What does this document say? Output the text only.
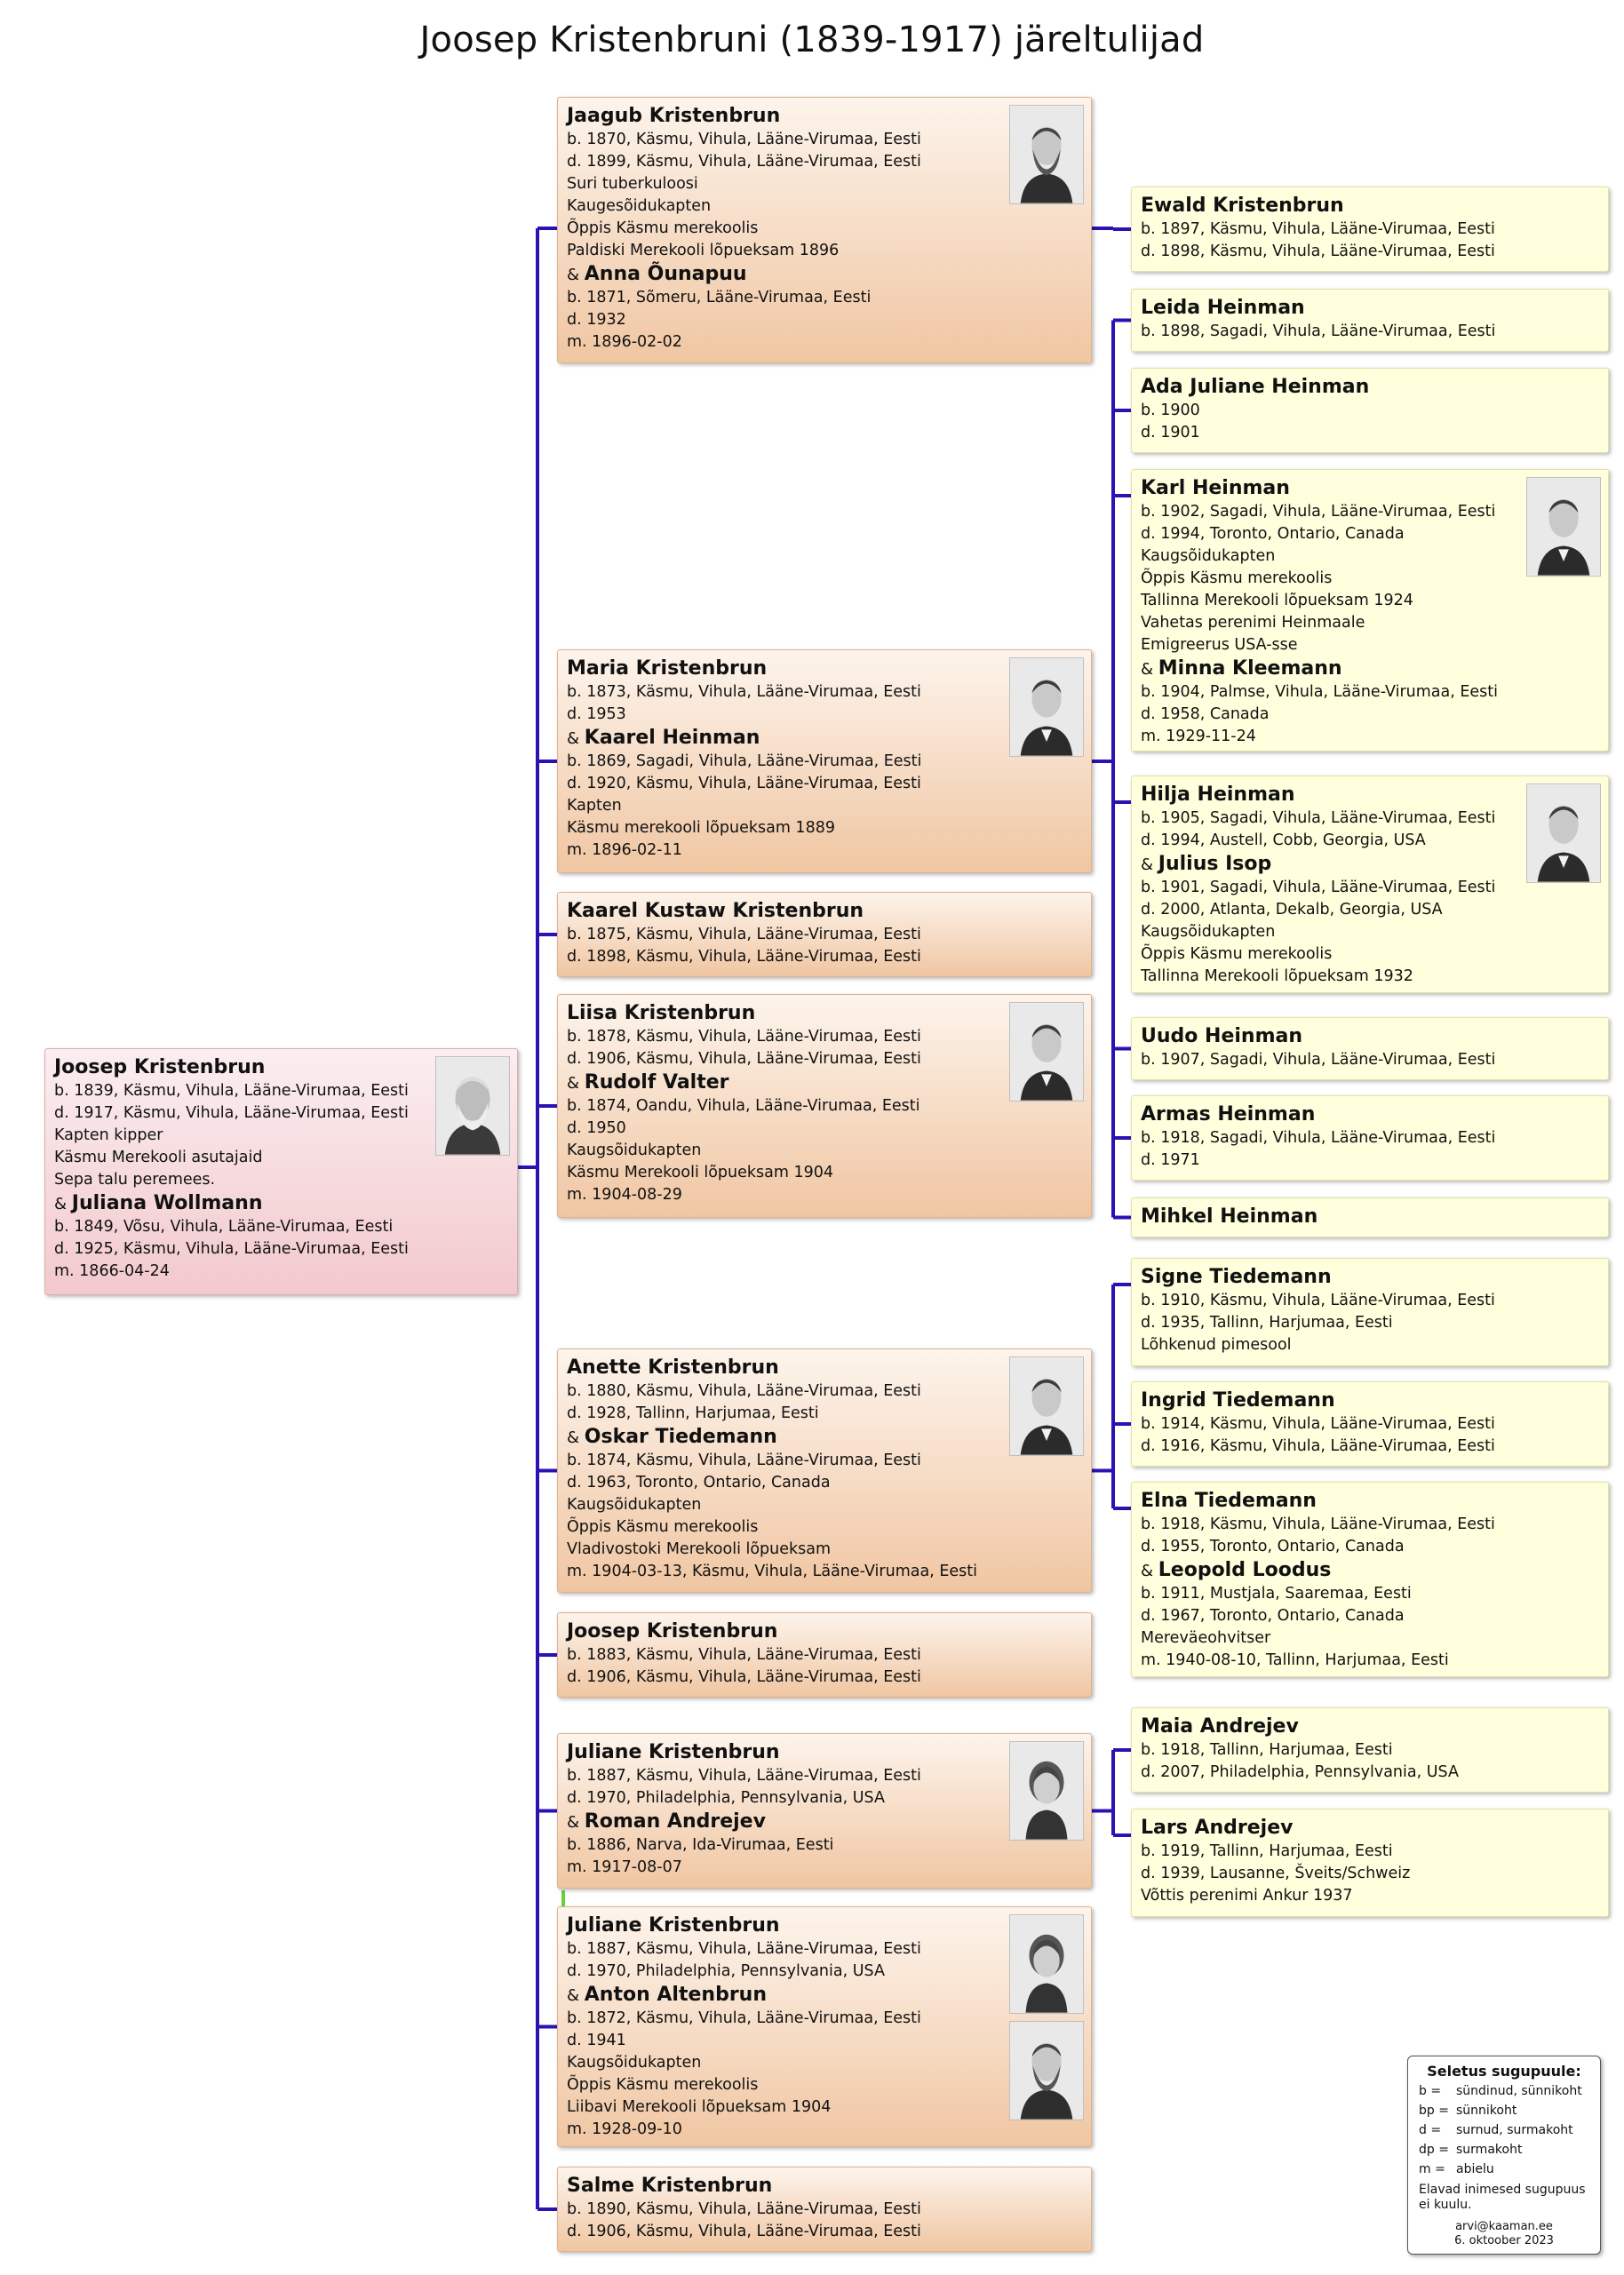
Joosep Kristenbruni (1839-1917) järeltulijad
Joosep Kristenbrun
b. 1839, Käsmu, Vihula, Lääne-Virumaa, Eesti
d. 1917, Käsmu, Vihula, Lääne-Virumaa, Eesti
Kapten kipper
Käsmu Merekooli asutajaid
Sepa talu peremees.
& Juliana Wollmann
b. 1849, Võsu, Vihula, Lääne-Virumaa, Eesti
d. 1925, Käsmu, Vihula, Lääne-Virumaa, Eesti
m. 1866-04-24
Jaagub Kristenbrun
b. 1870, Käsmu, Vihula, Lääne-Virumaa, Eesti
d. 1899, Käsmu, Vihula, Lääne-Virumaa, Eesti
Suri tuberkuloosi
Kaugesõidukapten
Õppis Käsmu merekoolis
Paldiski Merekooli lõpueksam 1896
& Anna Õunapuu
b. 1871, Sõmeru, Lääne-Virumaa, Eesti
d. 1932
m. 1896-02-02
Maria Kristenbrun
b. 1873, Käsmu, Vihula, Lääne-Virumaa, Eesti
d. 1953
& Kaarel Heinman
b. 1869, Sagadi, Vihula, Lääne-Virumaa, Eesti
d. 1920, Käsmu, Vihula, Lääne-Virumaa, Eesti
Kapten
Käsmu merekooli lõpueksam 1889
m. 1896-02-11
Kaarel Kustaw Kristenbrun
b. 1875, Käsmu, Vihula, Lääne-Virumaa, Eesti
d. 1898, Käsmu, Vihula, Lääne-Virumaa, Eesti
Liisa Kristenbrun
b. 1878, Käsmu, Vihula, Lääne-Virumaa, Eesti
d. 1906, Käsmu, Vihula, Lääne-Virumaa, Eesti
& Rudolf Valter
b. 1874, Oandu, Vihula, Lääne-Virumaa, Eesti
d. 1950
Kaugsõidukapten
Käsmu Merekooli lõpueksam 1904
m. 1904-08-29
Anette Kristenbrun
b. 1880, Käsmu, Vihula, Lääne-Virumaa, Eesti
d. 1928, Tallinn, Harjumaa, Eesti
& Oskar Tiedemann
b. 1874, Käsmu, Vihula, Lääne-Virumaa, Eesti
d. 1963, Toronto, Ontario, Canada
Kaugsõidukapten
Õppis Käsmu merekoolis
Vladivostoki Merekooli lõpueksam
m. 1904-03-13, Käsmu, Vihula, Lääne-Virumaa, Eesti
Joosep Kristenbrun
b. 1883, Käsmu, Vihula, Lääne-Virumaa, Eesti
d. 1906, Käsmu, Vihula, Lääne-Virumaa, Eesti
Juliane Kristenbrun
b. 1887, Käsmu, Vihula, Lääne-Virumaa, Eesti
d. 1970, Philadelphia, Pennsylvania, USA
& Roman Andrejev
b. 1886, Narva, Ida-Virumaa, Eesti
m. 1917-08-07
Juliane Kristenbrun
b. 1887, Käsmu, Vihula, Lääne-Virumaa, Eesti
d. 1970, Philadelphia, Pennsylvania, USA
& Anton Altenbrun
b. 1872, Käsmu, Vihula, Lääne-Virumaa, Eesti
d. 1941
Kaugsõidukapten
Õppis Käsmu merekoolis
Liibavi Merekooli lõpueksam 1904
m. 1928-09-10
Salme Kristenbrun
b. 1890, Käsmu, Vihula, Lääne-Virumaa, Eesti
d. 1906, Käsmu, Vihula, Lääne-Virumaa, Eesti
Ewald Kristenbrun
b. 1897, Käsmu, Vihula, Lääne-Virumaa, Eesti
d. 1898, Käsmu, Vihula, Lääne-Virumaa, Eesti
Leida Heinman
b. 1898, Sagadi, Vihula, Lääne-Virumaa, Eesti
Ada Juliane Heinman
b. 1900
d. 1901
Karl Heinman
b. 1902, Sagadi, Vihula, Lääne-Virumaa, Eesti
d. 1994, Toronto, Ontario, Canada
Kaugsõidukapten
Õppis Käsmu merekoolis
Tallinna Merekooli lõpueksam 1924
Vahetas perenimi Heinmaale
Emigreerus USA-sse
& Minna Kleemann
b. 1904, Palmse, Vihula, Lääne-Virumaa, Eesti
d. 1958, Canada
m. 1929-11-24
Hilja Heinman
b. 1905, Sagadi, Vihula, Lääne-Virumaa, Eesti
d. 1994, Austell, Cobb, Georgia, USA
& Julius Isop
b. 1901, Sagadi, Vihula, Lääne-Virumaa, Eesti
d. 2000, Atlanta, Dekalb, Georgia, USA
Kaugsõidukapten
Õppis Käsmu merekoolis
Tallinna Merekooli lõpueksam 1932
Uudo Heinman
b. 1907, Sagadi, Vihula, Lääne-Virumaa, Eesti
Armas Heinman
b. 1918, Sagadi, Vihula, Lääne-Virumaa, Eesti
d. 1971
Mihkel Heinman
Signe Tiedemann
b. 1910, Käsmu, Vihula, Lääne-Virumaa, Eesti
d. 1935, Tallinn, Harjumaa, Eesti
Lõhkenud pimesool
Ingrid Tiedemann
b. 1914, Käsmu, Vihula, Lääne-Virumaa, Eesti
d. 1916, Käsmu, Vihula, Lääne-Virumaa, Eesti
Elna Tiedemann
b. 1918, Käsmu, Vihula, Lääne-Virumaa, Eesti
d. 1955, Toronto, Ontario, Canada
& Leopold Loodus
b. 1911, Mustjala, Saaremaa, Eesti
d. 1967, Toronto, Ontario, Canada
Mereväeohvitser
m. 1940-08-10, Tallinn, Harjumaa, Eesti
Maia Andrejev
b. 1918, Tallinn, Harjumaa, Eesti
d. 2007, Philadelphia, Pennsylvania, USA
Lars Andrejev
b. 1919, Tallinn, Harjumaa, Eesti
d. 1939, Lausanne, Šveits/Schweiz
Võttis perenimi Ankur 1937
Seletus sugupuule:
b =	sündinud, sünnikoht
bp = sünnikoht
d =	surnud, surmakoht
dp = surmakoht
m = abielu
Elavad inimesed sugupuus ei kuulu.
arvi@kaaman.ee
6. oktoober 2023
